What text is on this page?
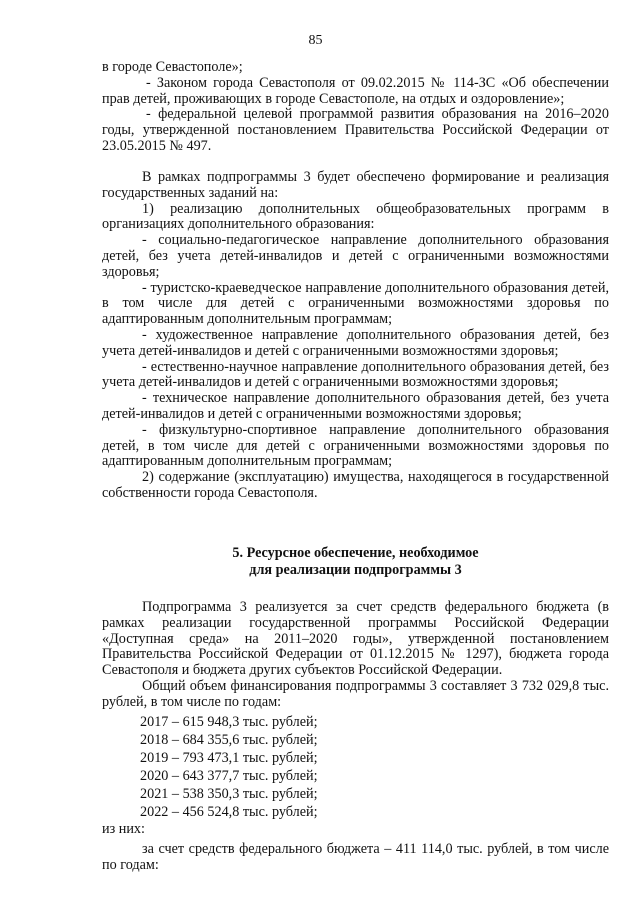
85

в городе Севастополе»;

- Законом города Севастополя от 09.02.2015 № 114-ЗС «Об обеспечении прав детей, проживающих в городе Севастополе, на отдых и оздоровление»;

- федеральной целевой программой развития образования на 2016–2020 годы, утвержденной постановлением Правительства Российской Федерации от 23.05.2015 № 497.

В рамках подпрограммы 3 будет обеспечено формирование и реализация государственных заданий на:

1) реализацию дополнительных общеобразовательных программ в организациях дополнительного образования:

- социально-педагогическое направление дополнительного образования детей, без учета детей-инвалидов и детей с ограниченными возможностями здоровья;

- туристско-краеведческое направление дополнительного образования детей, в том числе для детей с ограниченными возможностями здоровья по адаптированным дополнительным программам;

- художественное направление дополнительного образования детей, без учета детей-инвалидов и детей с ограниченными возможностями здоровья;

- естественно-научное направление дополнительного образования детей, без учета детей-инвалидов и детей с ограниченными возможностями здоровья;

- техническое направление дополнительного образования детей, без учета детей-инвалидов и детей с ограниченными возможностями здоровья;

- физкультурно-спортивное направление дополнительного образования детей, в том числе для детей с ограниченными возможностями здоровья по адаптированным дополнительным программам;

2) содержание (эксплуатацию) имущества, находящегося в государственной собственности города Севастополя.

5. Ресурсное обеспечение, необходимое
для реализации подпрограммы 3

Подпрограмма 3 реализуется за счет средств федерального бюджета (в рамках реализации государственной программы Российской Федерации «Доступная среда» на 2011–2020 годы», утвержденной постановлением Правительства Российской Федерации от 01.12.2015 № 1297), бюджета города Севастополя и бюджета других субъектов Российской Федерации.

Общий объем финансирования подпрограммы 3 составляет 3 732 029,8 тыс. рублей, в том числе по годам:

2017 – 615 948,3 тыс. рублей;
2018 – 684 355,6 тыс. рублей;
2019 – 793 473,1 тыс. рублей;
2020 – 643 377,7 тыс. рублей;
2021 – 538 350,3 тыс. рублей;
2022 – 456 524,8 тыс. рублей;

из них:

за счет средств федерального бюджета – 411 114,0 тыс. рублей, в том числе по годам:
